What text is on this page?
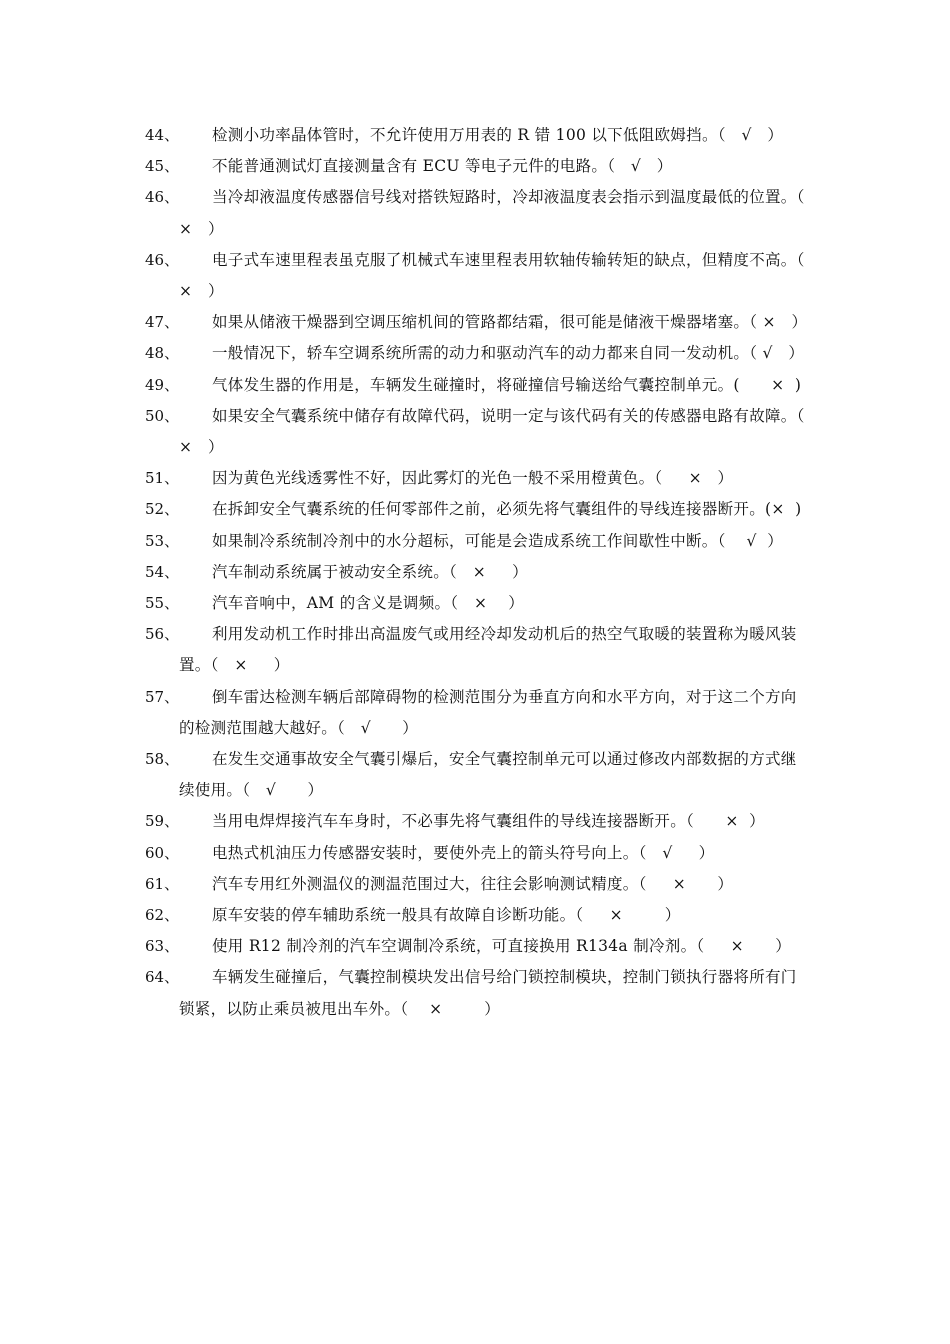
44、	检测小功率晶体管时，不允许使用万用表的 R 错 100 以下低阻欧姆挡。（   √   ）
45、	不能普通测试灯直接测量含有 ECU 等电子元件的电路。（   √   ）
46、	当冷却液温度传感器信号线对搭铁短路时，冷却液温度表会指示到温度最低的位置。（   ×   ）
46、	电子式车速里程表虽克服了机械式车速里程表用软轴传输转矩的缺点，但精度不高。（   ×   ）
47、	如果从储液干燥器到空调压缩机间的管路都结霜，很可能是储液干燥器堵塞。（ ×   ）
48、	一般情况下，轿车空调系统所需的动力和驱动汽车的动力都来自同一发动机。（ √   ）
49、	气体发生器的作用是，车辆发生碰撞时，将碰撞信号输送给气囊控制单元。(      ×  )
50、	如果安全气囊系统中储存有故障代码，说明一定与该代码有关的传感器电路有故障。（     ×   ）
51、	因为黄色光线透雾性不好，因此雾灯的光色一般不采用橙黄色。（     ×   ）
52、	在拆卸安全气囊系统的任何零部件之前，必须先将气囊组件的导线连接器断开。(×  )
53、	如果制冷系统制冷剂中的水分超标，可能是会造成系统工作间歇性中断。（    √  ）
54、	汽车制动系统属于被动安全系统。（   ×     ）
55、	汽车音响中，AM 的含义是调频。（   ×    ）
56、	利用发动机工作时排出高温废气或用经冷却发动机后的热空气取暖的装置称为暖风装置。（   ×     ）
57、	倒车雷达检测车辆后部障碍物的检测范围分为垂直方向和水平方向，对于这二个方向的检测范围越大越好。（   √      ）
58、	在发生交通事故安全气囊引爆后，安全气囊控制单元可以通过修改内部数据的方式继续使用。（   √      ）
59、	当用电焊焊接汽车车身时，不必事先将气囊组件的导线连接器断开。（      ×  ）
60、	电热式机油压力传感器安装时，要使外壳上的箭头符号向上。（   √     ）
61、	汽车专用红外测温仪的测温范围过大，往往会影响测试精度。（     ×      ）
62、	原车安装的停车辅助系统一般具有故障自诊断功能。（     ×        ）
63、	使用 R12 制冷剂的汽车空调制冷系统，可直接换用 R134a 制冷剂。（     ×      ）
64、	车辆发生碰撞后，气囊控制模块发出信号给门锁控制模块，控制门锁执行器将所有门锁紧，以防止乘员被甩出车外。（    ×        ）
